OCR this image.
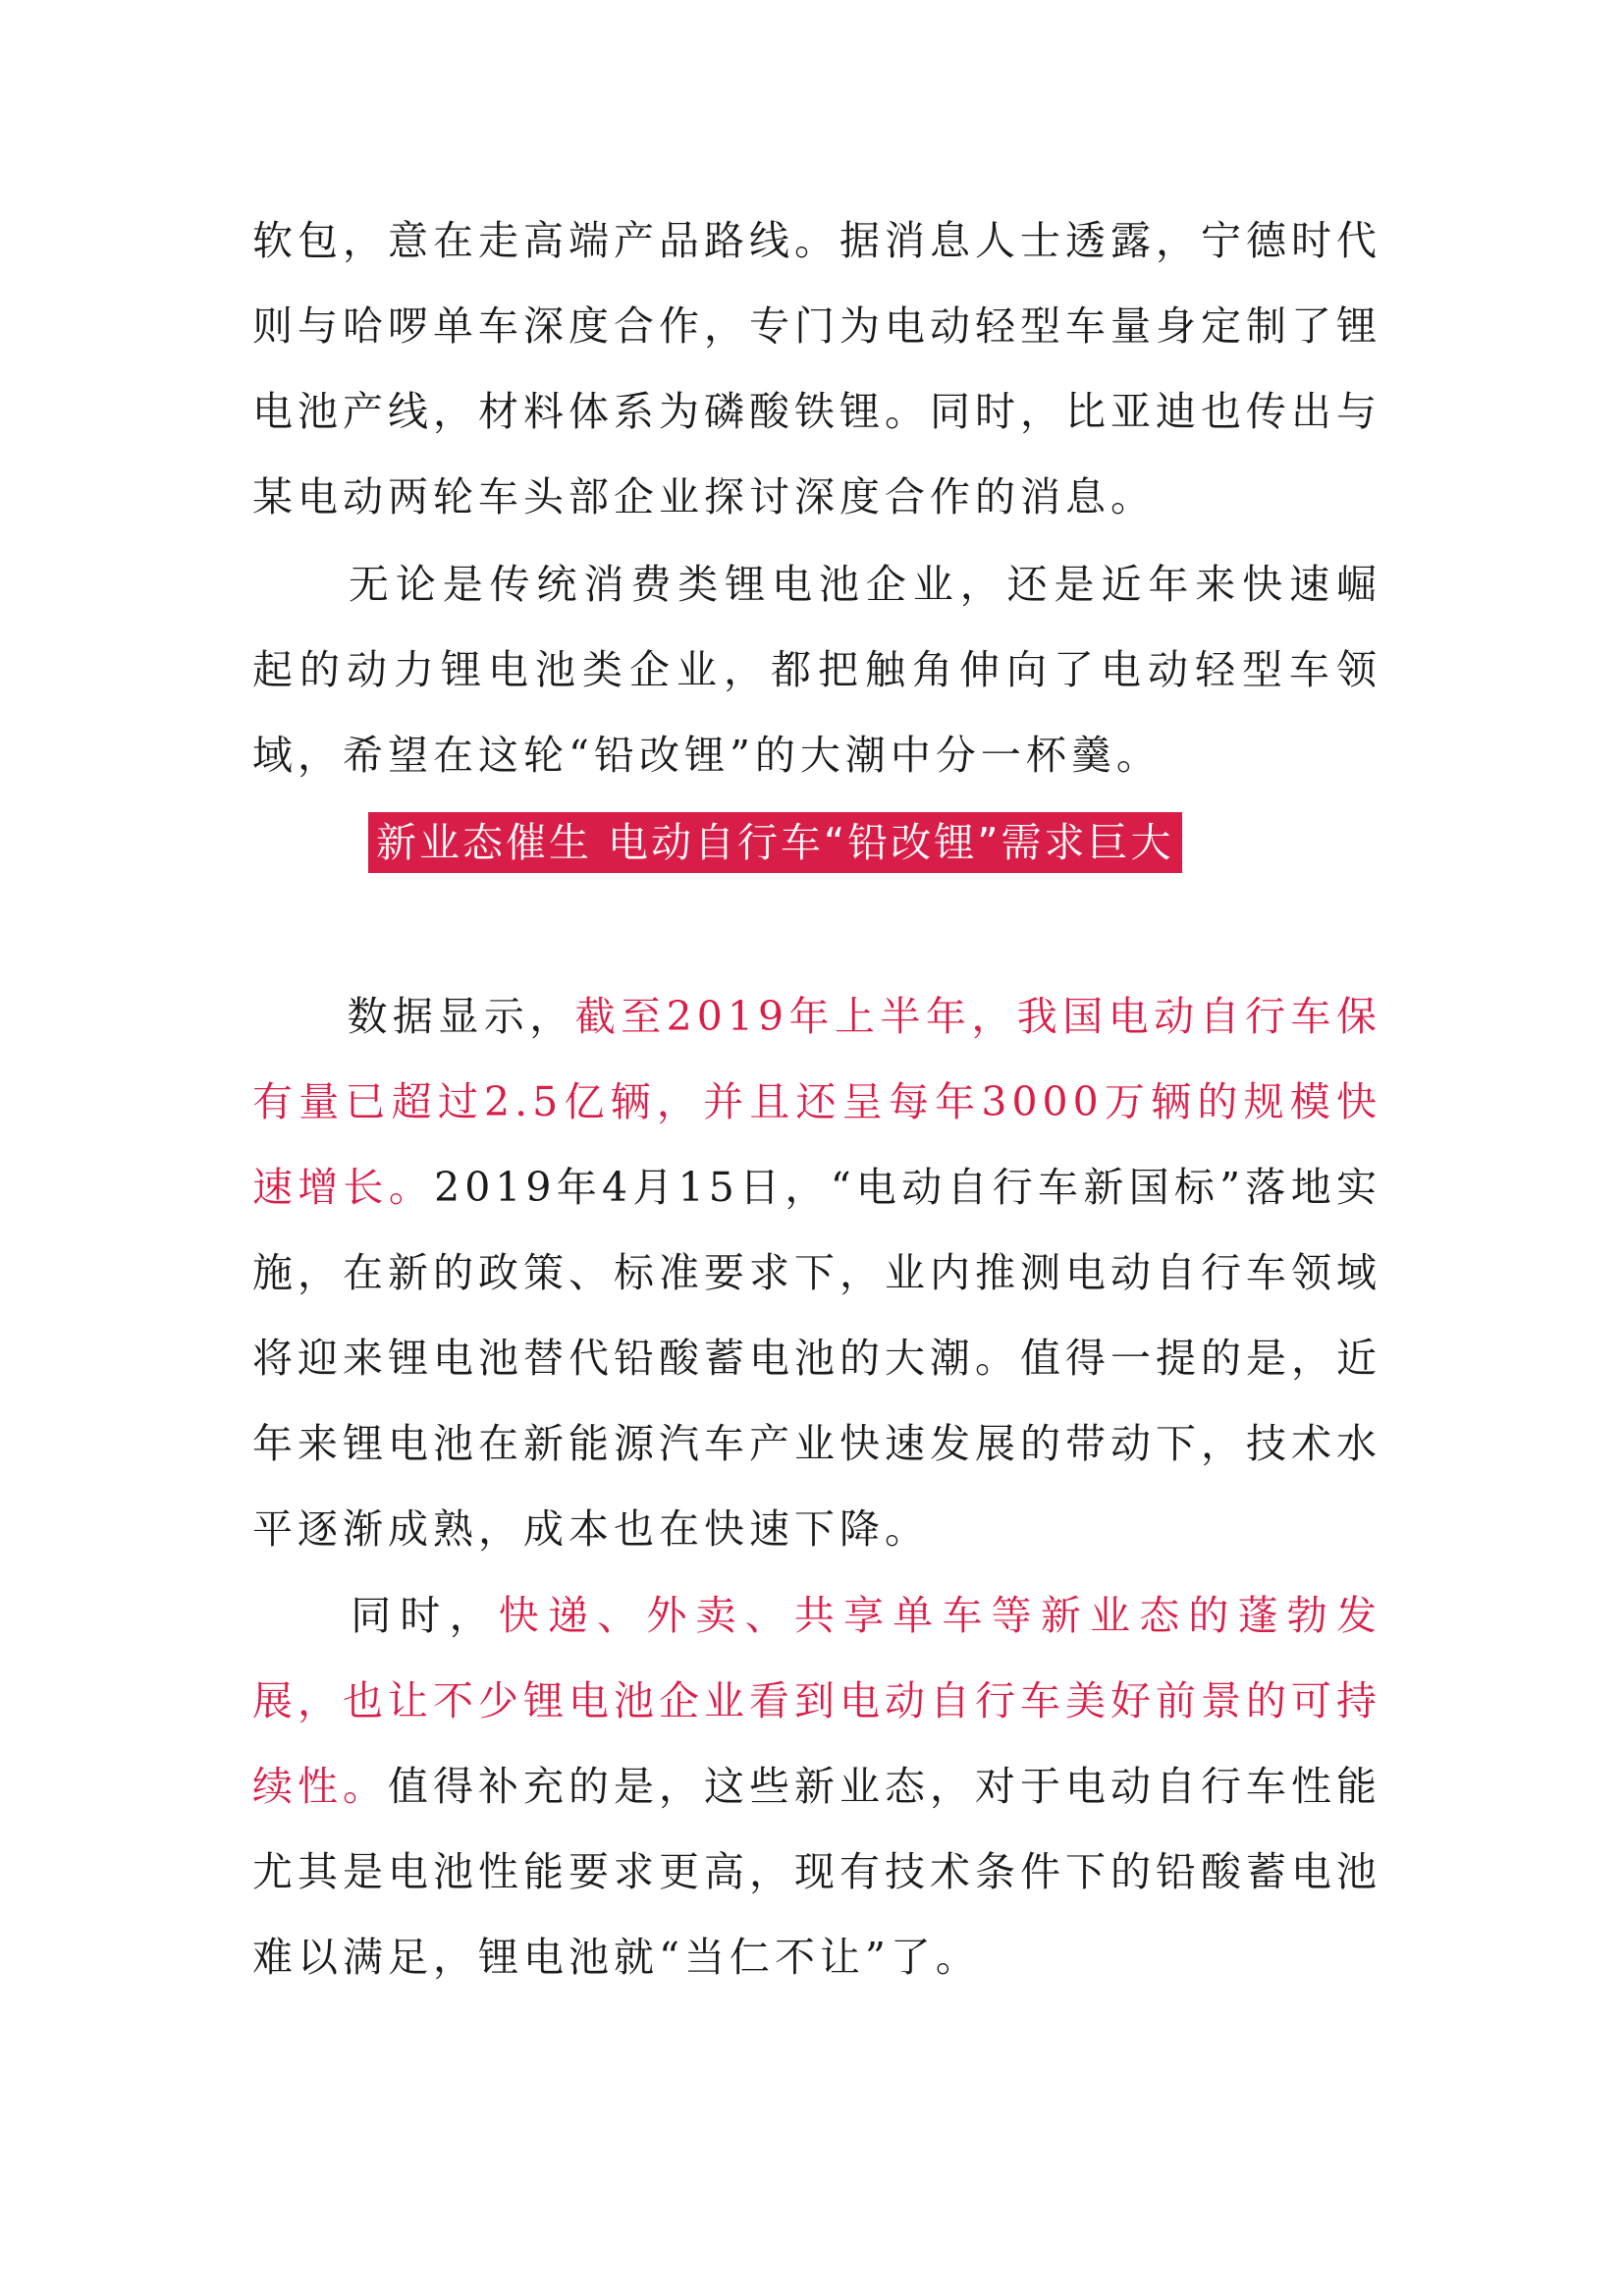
软包，意在走高端产品路线。据消息人士透露，宁德时代则与哈啰单车深度合作，专门为电动轻型车量身定制了锂电池产线，材料体系为磷酸铁锂。同时，比亚迪也传出与某电动两轮车头部企业探讨深度合作的消息。

无论是传统消费类锂电池企业，还是近年来快速崛起的动力锂电池类企业，都把触角伸向了电动轻型车领域，希望在这轮“铅改锂”的大潮中分一杯羹。

数据显示，截至2019年上半年，我国电动自行车保有量已超过2.5亿辆，并且还呈每年3000万辆的规模快速增长。2019年4月15日，“电动自行车新国标”落地实施，在新的政策、标准要求下，业内推测电动自行车领域将迎来锂电池替代铅酸蓄电池的大潮。值得一提的是，近年来锂电池在新能源汽车产业快速发展的带动下，技术水平逐渐成熟，成本也在快速下降。

同时，快递、外卖、共享单车等新业态的蓬勃发展，也让不少锂电池企业看到电动自行车美好前景的可持续性。值得补充的是，这些新业态，对于电动自行车性能尤其是电池性能要求更高，现有技术条件下的铅酸蓄电池难以满足，锂电池就“当仁不让”了。

新业态催生 电动自行车“铅改锂”需求巨大
